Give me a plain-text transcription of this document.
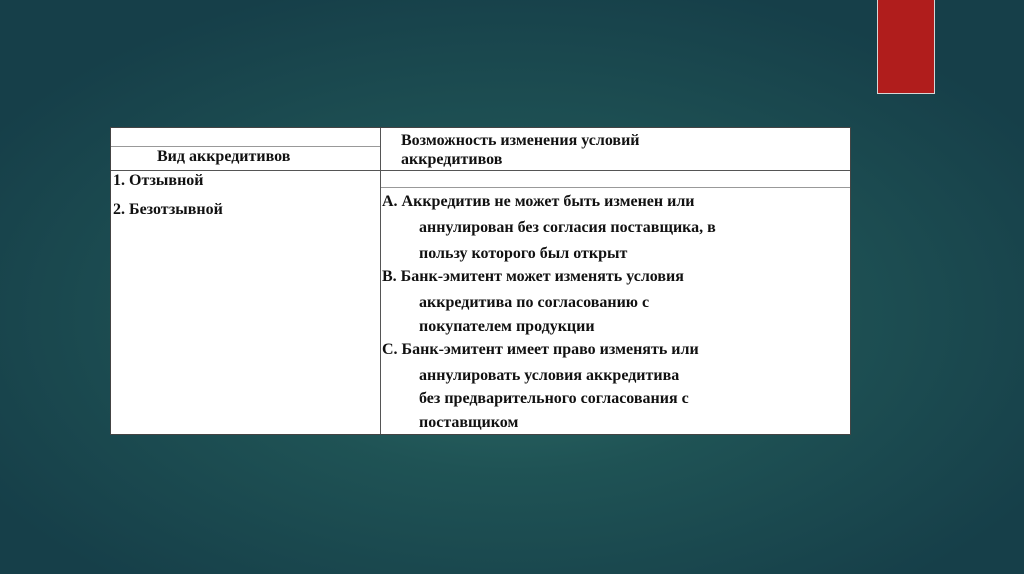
Вид аккредитивов
Возможность изменения условий
аккредитивов
1. Отзывной
2. Безотзывной	А. Аккредитив не может быть изменен или
аннулирован без согласия поставщика, в
пользу которого был открыт
В. Банк-эмитент может изменять условия
аккредитива по согласованию с
покупателем продукции
С. Банк-эмитент имеет право изменять или
аннулировать условия аккредитива
без предварительного согласования с
поставщиком
